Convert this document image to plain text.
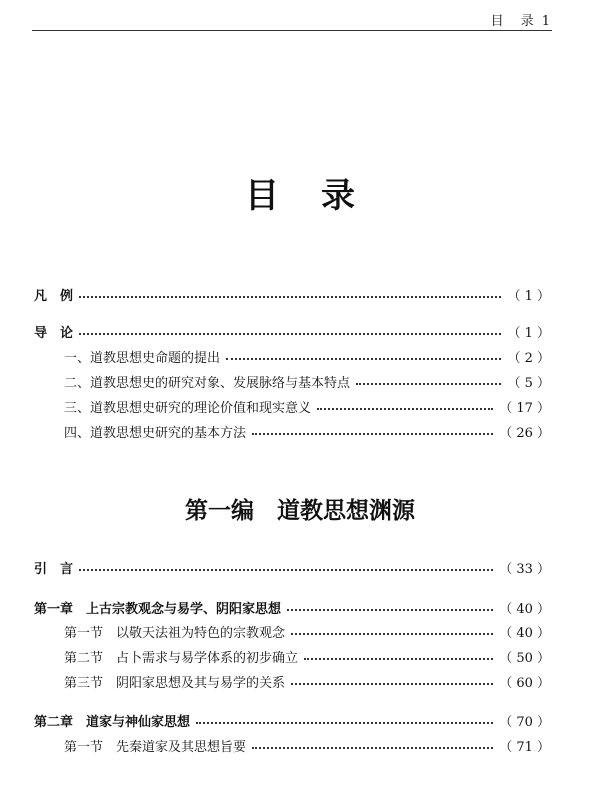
目　录 1
目录
凡　例	（ 1 ）
导　论	（ 1 ）
一、道教思想史命题的提出	（ 2 ）
二、道教思想史的研究对象、发展脉络与基本特点	（ 5 ）
三、道教思想史研究的理论价值和现实意义	（ 17 ）
四、道教思想史研究的基本方法	（ 26 ）
第一编　道教思想渊源
引　言	（ 33 ）
第一章　上古宗教观念与易学、阴阳家思想	（ 40 ）
第一节　以敬天法祖为特色的宗教观念	（ 40 ）
第二节　占卜需求与易学体系的初步确立	（ 50 ）
第三节　阴阳家思想及其与易学的关系	（ 60 ）
第二章　道家与神仙家思想	（ 70 ）
第一节　先秦道家及其思想旨要	（ 71 ）
